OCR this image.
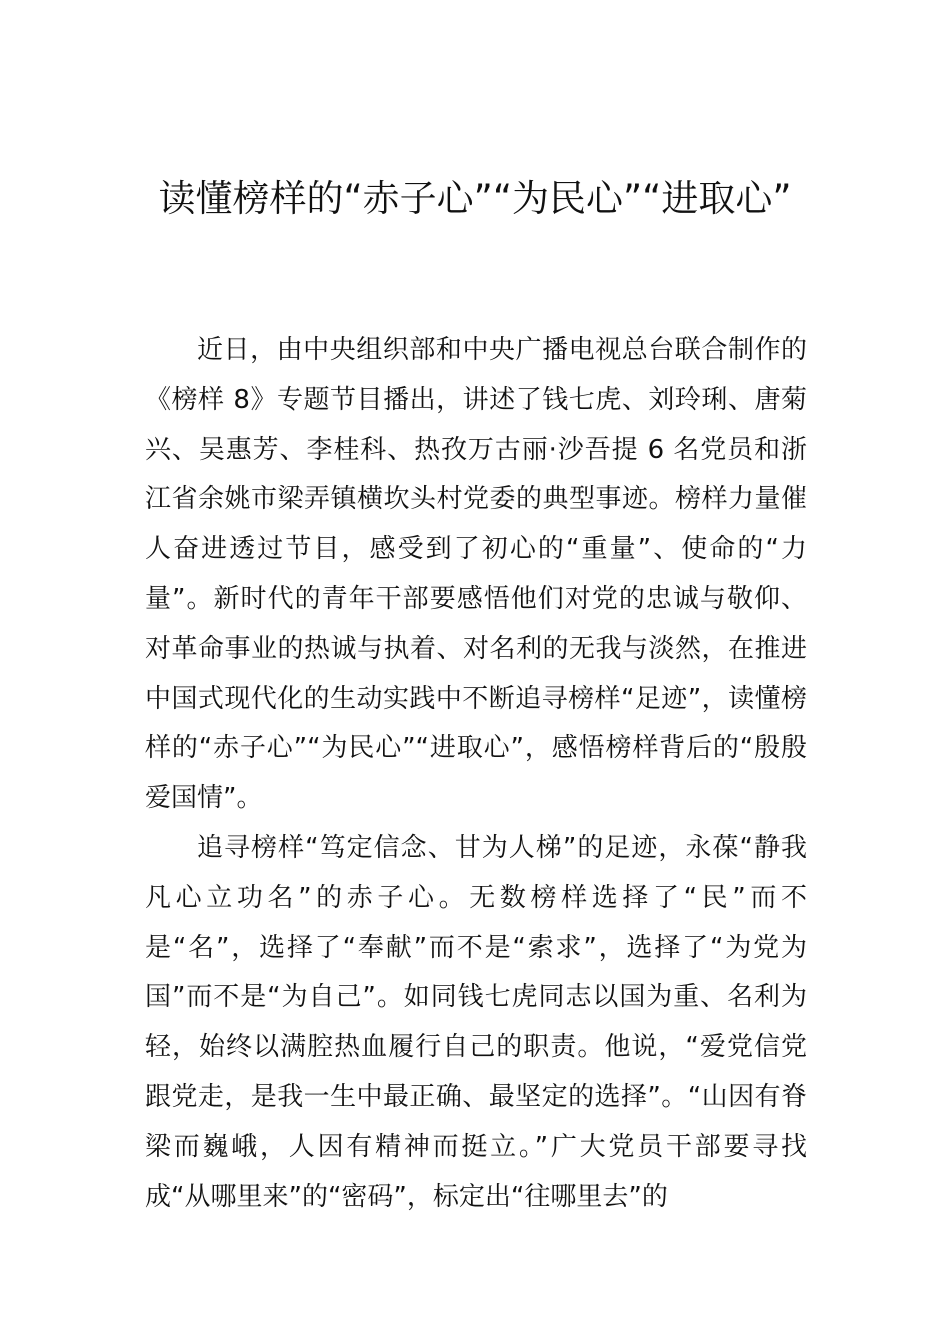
读懂榜样的“赤子心”“为民心”“进取心”

近日，由中央组织部和中央广播电视总台联合制作的《榜样 8》专题节目播出，讲述了钱七虎、刘玲琍、唐菊兴、吴惠芳、李桂科、热孜万古丽·沙吾提 6 名党员和浙江省余姚市梁弄镇横坎头村党委的典型事迹。榜样力量催人奋进透过节目，感受到了初心的“重量”、使命的“力量”。新时代的青年干部要感悟他们对党的忠诚与敬仰、对革命事业的热诚与执着、对名利的无我与淡然，在推进中国式现代化的生动实践中不断追寻榜样“足迹”，读懂榜样的“赤子心”“为民心”“进取心”，感悟榜样背后的“殷殷爱国情”。

追寻榜样“笃定信念、甘为人梯”的足迹，永葆“静我凡心立功名”的赤子心。无数榜样选择了“民”而不是“名”，选择了“奉献”而不是“索求”，选择了“为党为国”而不是“为自己”。如同钱七虎同志以国为重、名利为轻，始终以满腔热血履行自己的职责。他说，“爱党信党跟党走，是我一生中最正确、最坚定的选择”。“山因有脊梁而巍峨，人因有精神而挺立。”广大党员干部要寻找成“从哪里来”的“密码”，标定出“往哪里去”的
